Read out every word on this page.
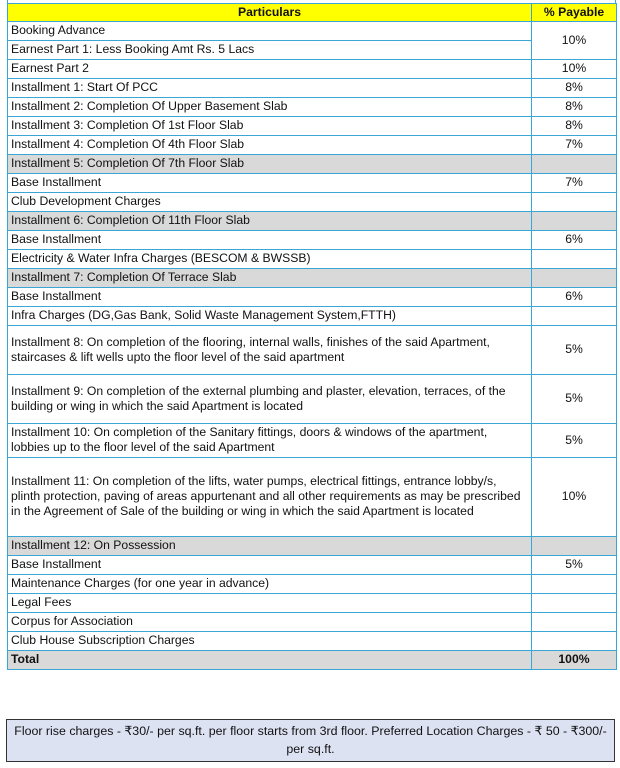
Particulars	% Payable
Booking Advance	10%
Earnest Part 1: Less Booking Amt Rs. 5 Lacs	
Earnest Part 2	10%
Installment 1: Start Of PCC	8%
Installment 2: Completion Of Upper Basement Slab	8%
Installment 3: Completion Of 1st Floor Slab	8%
Installment 4: Completion Of 4th Floor Slab	7%
Installment 5: Completion Of 7th Floor Slab	
Base Installment	7%
Club Development Charges	
Installment 6: Completion Of 11th Floor Slab	
Base Installment	6%
Electricity & Water Infra Charges (BESCOM & BWSSB)	
Installment 7: Completion Of Terrace Slab	
Base Installment	6%
Infra Charges (DG,Gas Bank, Solid Waste Management System,FTTH)	
Installment 8: On completion of the flooring, internal walls, finishes of the said Apartment, staircases & lift wells upto the floor level of the said apartment	5%
Installment 9: On completion of the external plumbing and plaster, elevation, terraces, of the building or wing in which the said Apartment is located	5%
Installment 10: On completion of the Sanitary fittings, doors & windows of the apartment, lobbies up to the floor level of the said Apartment	5%
Installment 11: On completion of the lifts, water pumps, electrical fittings, entrance lobby/s, plinth protection, paving of areas appurtenant and all other requirements as may be prescribed in the Agreement of Sale of the building or wing in which the said Apartment is located	10%
Installment 12: On Possession	
Base Installment	5%
Maintenance Charges (for one year in advance)	
Legal Fees	
Corpus for Association	
Club House Subscription Charges	
Total	100%
Floor rise charges - ₹30/- per sq.ft. per floor starts from 3rd floor. Preferred Location Charges - ₹ 50 - ₹300/- per sq.ft.
